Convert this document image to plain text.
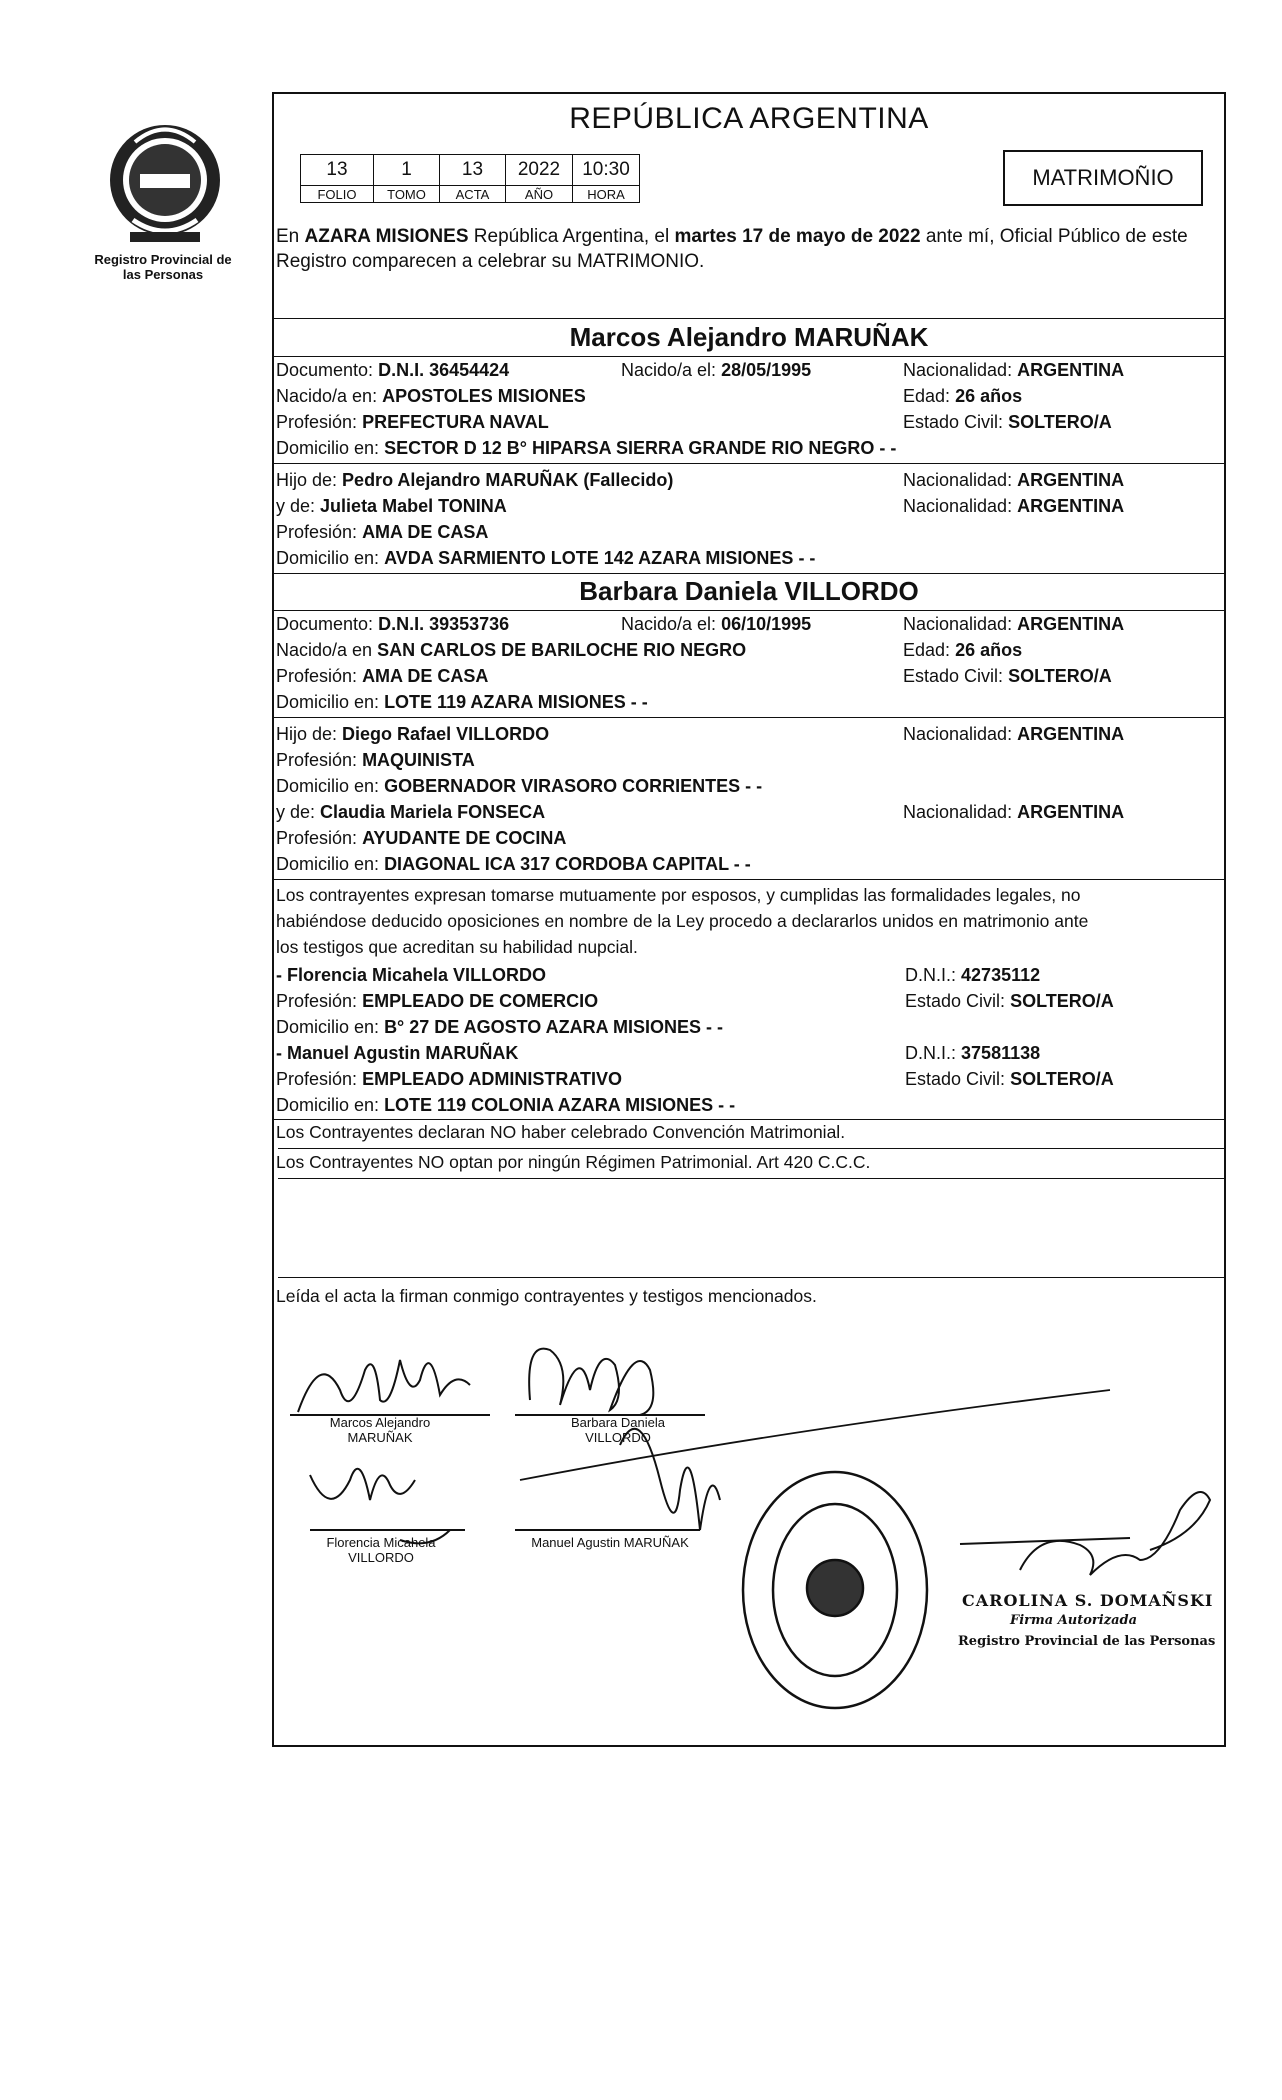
Registro Provincial de las Personas
REPÚBLICA ARGENTINA
13	1	13	2022	10:30
FOLIO	TOMO	ACTA	AÑO	HORA
MATRIMOÑIO
En AZARA MISIONES República Argentina, el martes 17 de mayo de 2022 ante mí, Oficial Público de este Registro comparecen a celebrar su MATRIMONIO.
Marcos Alejandro MARUÑAK
Documento: D.N.I. 36454424	Nacido/a el: 28/05/1995	Nacionalidad: ARGENTINA
Nacido/a en: APOSTOLES MISIONES	Edad: 26 años
Profesión: PREFECTURA NAVAL	Estado Civil: SOLTERO/A
Domicilio en: SECTOR D 12 B° HIPARSA SIERRA GRANDE RIO NEGRO - -
Hijo de: Pedro Alejandro MARUÑAK (Fallecido)	Nacionalidad: ARGENTINA
y de: Julieta Mabel TONINA	Nacionalidad: ARGENTINA
Profesión: AMA DE CASA
Domicilio en: AVDA SARMIENTO LOTE 142 AZARA MISIONES - -
Barbara Daniela VILLORDO
Documento: D.N.I. 39353736	Nacido/a el: 06/10/1995	Nacionalidad: ARGENTINA
Nacido/a en SAN CARLOS DE BARILOCHE RIO NEGRO	Edad: 26 años
Profesión: AMA DE CASA	Estado Civil: SOLTERO/A
Domicilio en: LOTE 119 AZARA MISIONES - -
Hijo de: Diego Rafael VILLORDO	Nacionalidad: ARGENTINA
Profesión: MAQUINISTA
Domicilio en: GOBERNADOR VIRASORO CORRIENTES - -
y de: Claudia Mariela FONSECA	Nacionalidad: ARGENTINA
Profesión: AYUDANTE DE COCINA
Domicilio en: DIAGONAL ICA 317 CORDOBA CAPITAL - -
Los contrayentes expresan tomarse mutuamente por esposos, y cumplidas las formalidades legales, no
habiéndose deducido oposiciones en nombre de la Ley procedo a declararlos unidos en matrimonio ante
los testigos que acreditan su habilidad nupcial.
- Florencia Micahela VILLORDO	D.N.I.: 42735112
Profesión: EMPLEADO DE COMERCIO	Estado Civil: SOLTERO/A
Domicilio en: B° 27 DE AGOSTO AZARA MISIONES - -
- Manuel Agustin MARUÑAK	D.N.I.: 37581138
Profesión: EMPLEADO ADMINISTRATIVO	Estado Civil: SOLTERO/A
Domicilio en: LOTE 119 COLONIA AZARA MISIONES - -
Los Contrayentes declaran NO haber celebrado Convención Matrimonial.
Los Contrayentes NO optan por ningún Régimen Patrimonial. Art 420 C.C.C.
Leída el acta la firman conmigo contrayentes y testigos mencionados.
Marcos Alejandro
MARUÑAK
Barbara Daniela
VILLORDO
Florencia Micahela
VILLORDO
Manuel Agustin MARUÑAK
CAROLINA S. DOMAÑSKI
Firma Autorizada
Registro Provincial de las Personas
